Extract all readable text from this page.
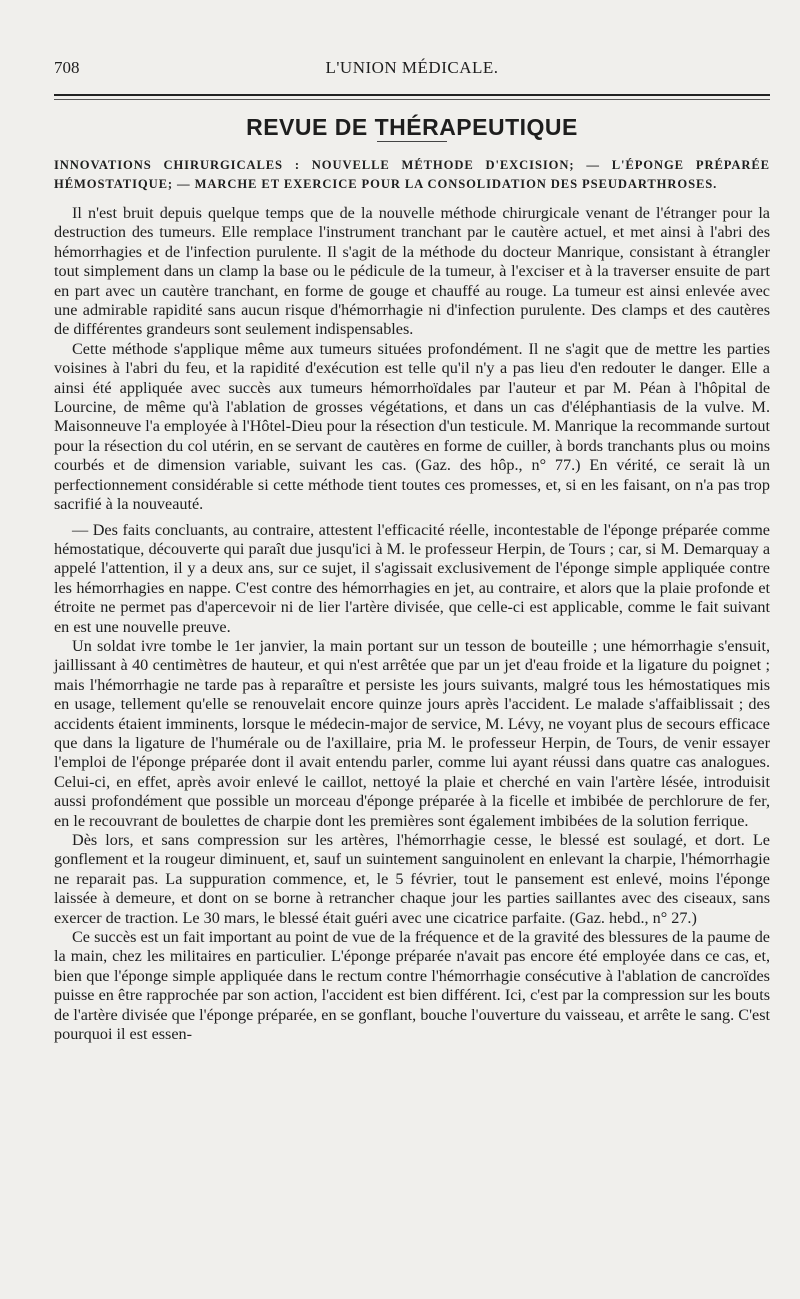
708	L'UNION MÉDICALE.
REVUE DE THÉRAPEUTIQUE
INNOVATIONS CHIRURGICALES : NOUVELLE MÉTHODE D'EXCISION; — L'ÉPONGE PRÉPARÉE HÉMOSTATIQUE; — MARCHE ET EXERCICE POUR LA CONSOLIDATION DES PSEUDARTHROSES.

Il n'est bruit depuis quelque temps que de la nouvelle méthode chirurgicale venant de l'étranger pour la destruction des tumeurs. Elle remplace l'instrument tranchant par le cautère actuel, et met ainsi à l'abri des hémorrhagies et de l'infection purulente. Il s'agit de la méthode du docteur Manrique, consistant à étrangler tout simplement dans un clamp la base ou le pédicule de la tumeur, à l'exciser et à la traverser ensuite de part en part avec un cautère tranchant, en forme de gouge et chauffé au rouge. La tumeur est ainsi enlevée avec une admirable rapidité sans aucun risque d'hémorrhagie ni d'infection purulente. Des clamps et des cautères de différentes grandeurs sont seulement indispensables.

Cette méthode s'applique même aux tumeurs situées profondément. Il ne s'agit que de mettre les parties voisines à l'abri du feu, et la rapidité d'exécution est telle qu'il n'y a pas lieu d'en redouter le danger. Elle a ainsi été appliquée avec succès aux tumeurs hémorrhoïdales par l'auteur et par M. Péan à l'hôpital de Lourcine, de même qu'à l'ablation de grosses végétations, et dans un cas d'éléphantiasis de la vulve. M. Maisonneuve l'a employée à l'Hôtel-Dieu pour la résection d'un testicule. M. Manrique la recommande surtout pour la résection du col utérin, en se servant de cautères en forme de cuiller, à bords tranchants plus ou moins courbés et de dimension variable, suivant les cas. (Gaz. des hôp., n° 77.) En vérité, ce serait là un perfectionnement considérable si cette méthode tient toutes ces promesses, et, si en les faisant, on n'a pas trop sacrifié à la nouveauté.

— Des faits concluants, au contraire, attestent l'efficacité réelle, incontestable de l'éponge préparée comme hémostatique, découverte qui paraît due jusqu'ici à M. le professeur Herpin, de Tours ; car, si M. Demarquay a appelé l'attention, il y a deux ans, sur ce sujet, il s'agissait exclusivement de l'éponge simple appliquée contre les hémorrhagies en nappe. C'est contre des hémorrhagies en jet, au contraire, et alors que la plaie profonde et étroite ne permet pas d'apercevoir ni de lier l'artère divisée, que celle-ci est applicable, comme le fait suivant en est une nouvelle preuve.

Un soldat ivre tombe le 1er janvier, la main portant sur un tesson de bouteille ; une hémorrhagie s'ensuit, jaillissant à 40 centimètres de hauteur, et qui n'est arrêtée que par un jet d'eau froide et la ligature du poignet ; mais l'hémorrhagie ne tarde pas à reparaître et persiste les jours suivants, malgré tous les hémostatiques mis en usage, tellement qu'elle se renouvelait encore quinze jours après l'accident. Le malade s'affaiblissait ; des accidents étaient imminents, lorsque le médecin-major de service, M. Lévy, ne voyant plus de secours efficace que dans la ligature de l'humérale ou de l'axillaire, pria M. le professeur Herpin, de Tours, de venir essayer l'emploi de l'éponge préparée dont il avait entendu parler, comme lui ayant réussi dans quatre cas analogues. Celui-ci, en effet, après avoir enlevé le caillot, nettoyé la plaie et cherché en vain l'artère lésée, introduisit aussi profondément que possible un morceau d'éponge préparée à la ficelle et imbibée de perchlorure de fer, en le recouvrant de boulettes de charpie dont les premières sont également imbibées de la solution ferrique.

Dès lors, et sans compression sur les artères, l'hémorrhagie cesse, le blessé est soulagé, et dort. Le gonflement et la rougeur diminuent, et, sauf un suintement sanguinolent en enlevant la charpie, l'hémorrhagie ne reparait pas. La suppuration commence, et, le 5 février, tout le pansement est enlevé, moins l'éponge laissée à demeure, et dont on se borne à retrancher chaque jour les parties saillantes avec des ciseaux, sans exercer de traction. Le 30 mars, le blessé était guéri avec une cicatrice parfaite. (Gaz. hebd., n° 27.)

Ce succès est un fait important au point de vue de la fréquence et de la gravité des blessures de la paume de la main, chez les militaires en particulier. L'éponge préparée n'avait pas encore été employée dans ce cas, et, bien que l'éponge simple appliquée dans le rectum contre l'hémorrhagie consécutive à l'ablation de cancroïdes puisse en être rapprochée par son action, l'accident est bien différent. Ici, c'est par la compression sur les bouts de l'artère divisée que l'éponge préparée, en se gonflant, bouche l'ouverture du vaisseau, et arrête le sang. C'est pourquoi il est essen-
